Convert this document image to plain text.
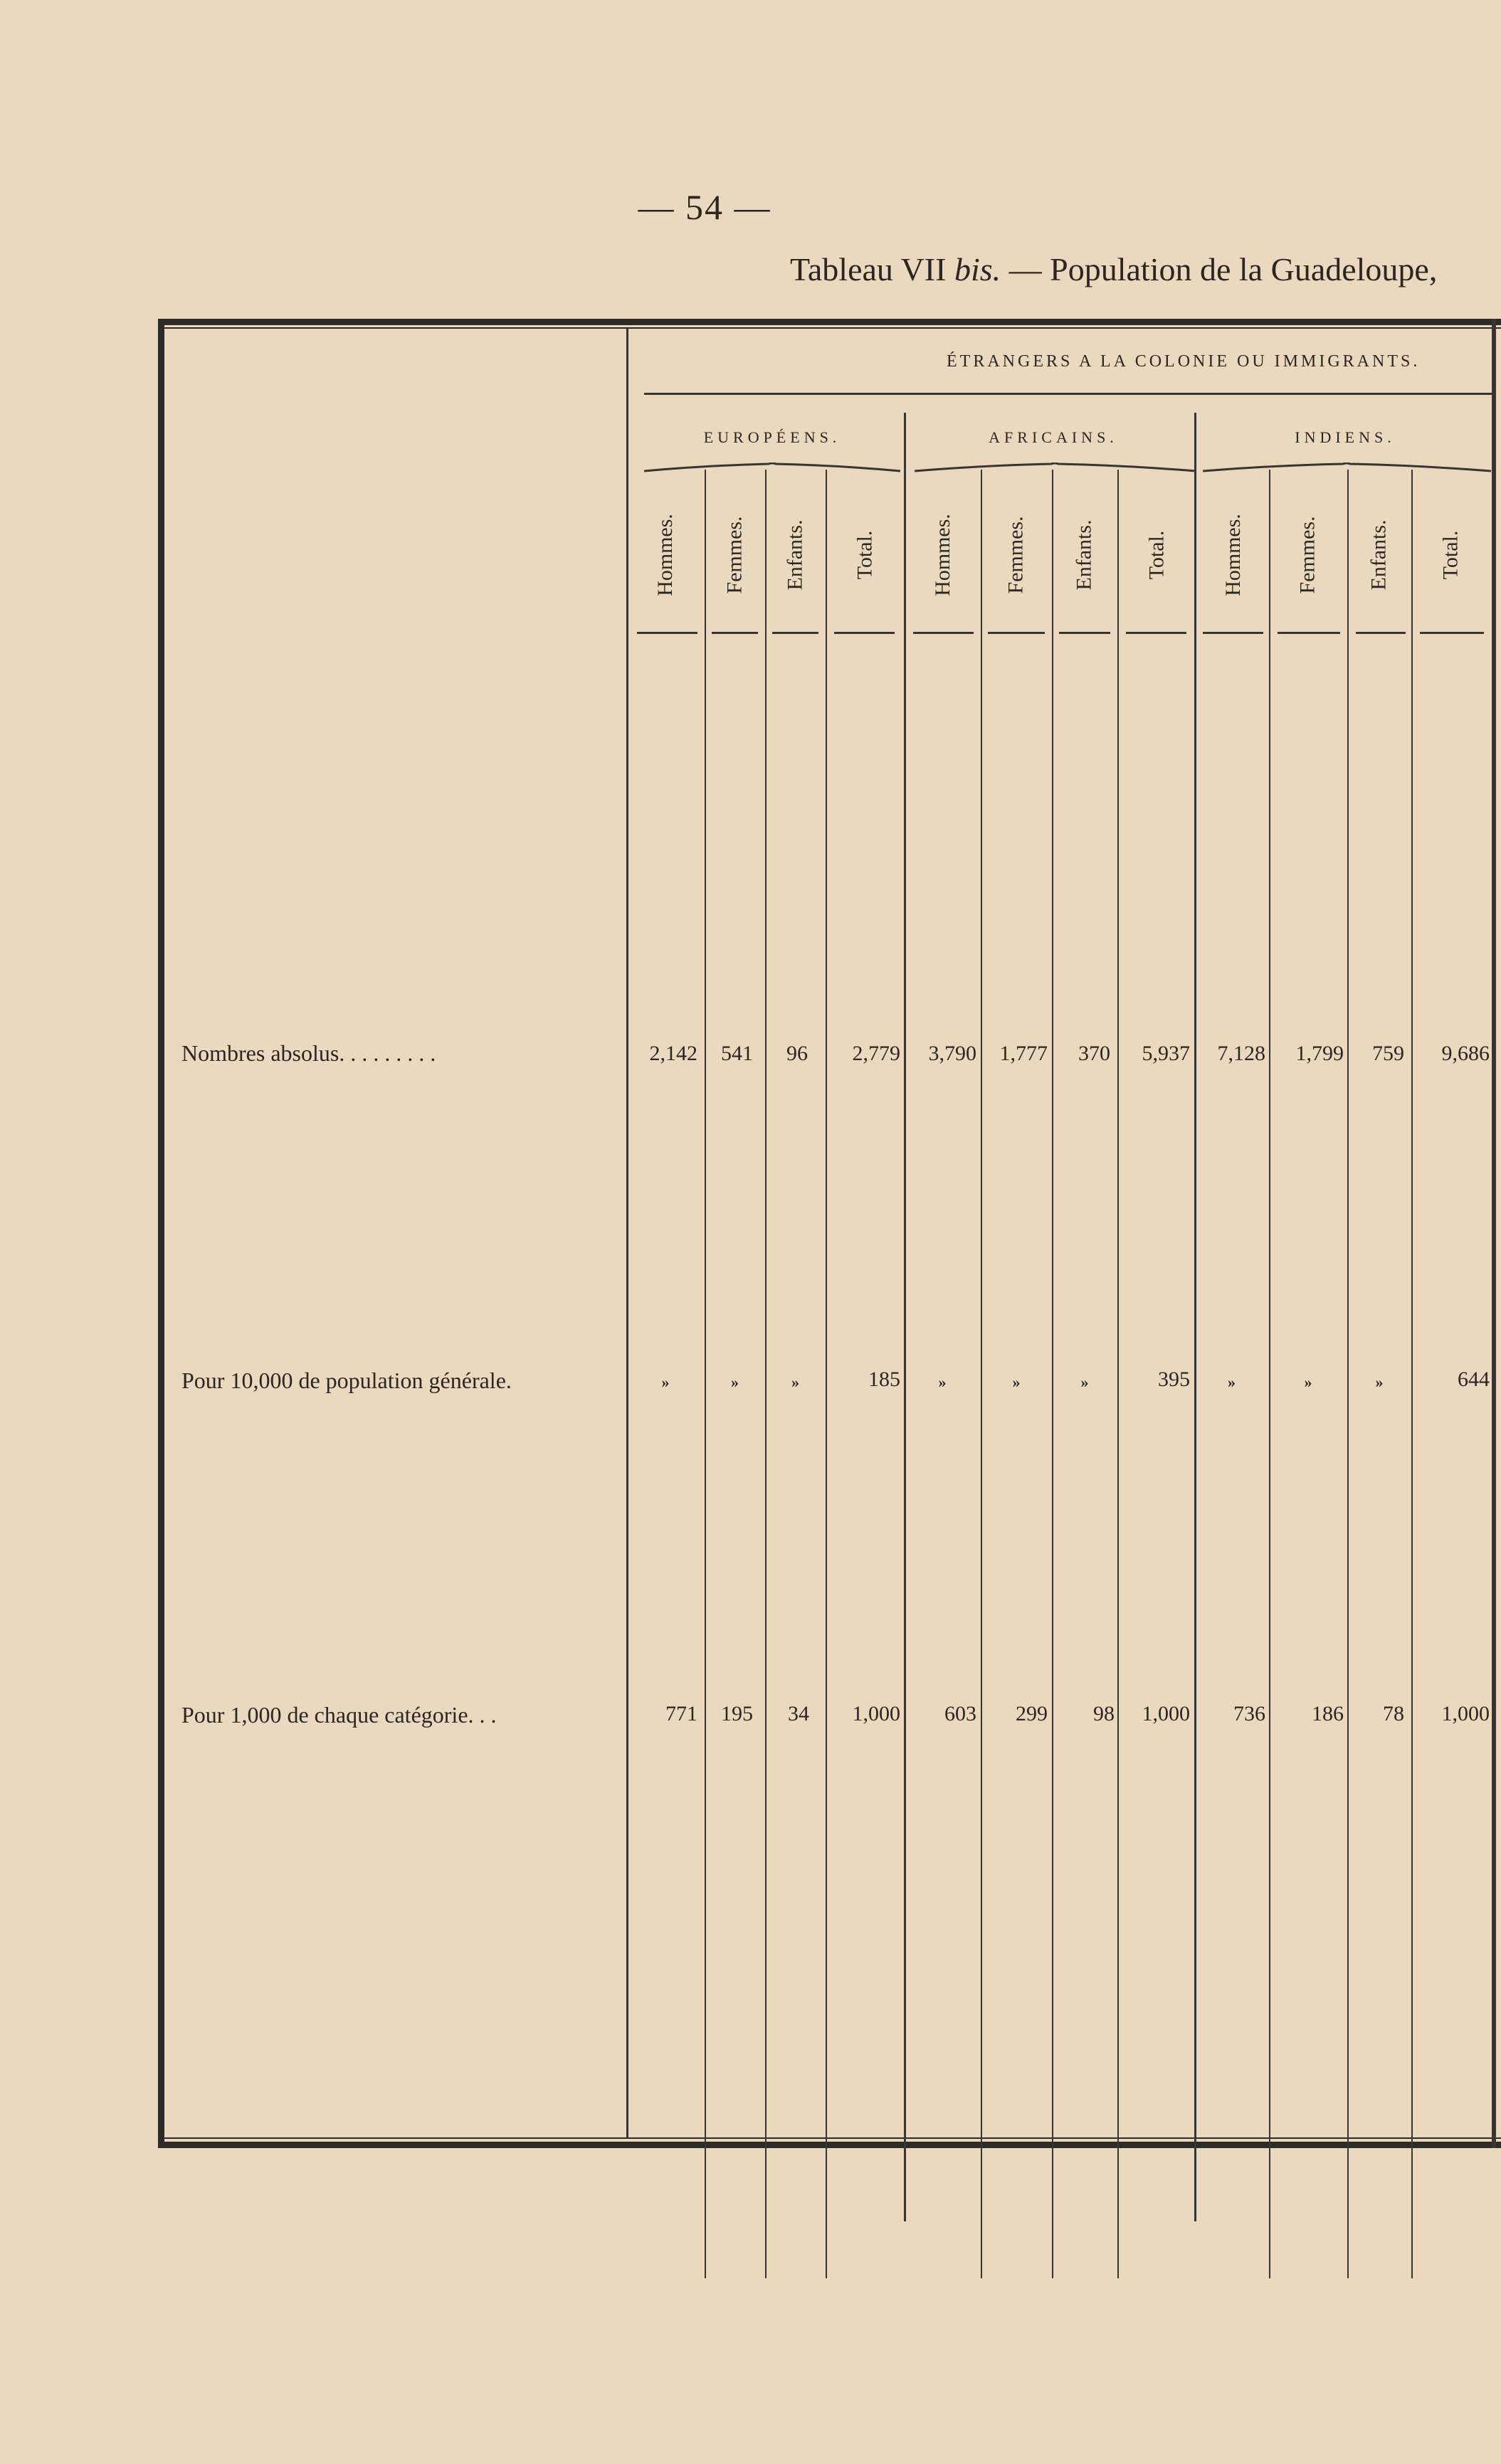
— 54 —
Tableau VII bis. — Population de la Guadeloupe,
ÉTRANGERS A LA COLONIE OU IMMIGRANTS.
EUROPÉENS.	AFRICAINS.	INDIENS.
Hommes. Femmes. Enfants. Total.	Hommes. Femmes. Enfants. Total.	Hommes. Femmes. Enfants. Total.
Nombres absolus. . . . . . . . .	2,142	541	96	2,779	3,790	1,777	370	5,937	7,128	1,799	759	9,686
Pour 10,000 de population générale.	»	»	»	185	»	»	»	395	»	»	»	644
Pour 1,000 de chaque catégorie. . .	771	195	34	1,000	603	299	98	1,000	736	186	78	1,000
